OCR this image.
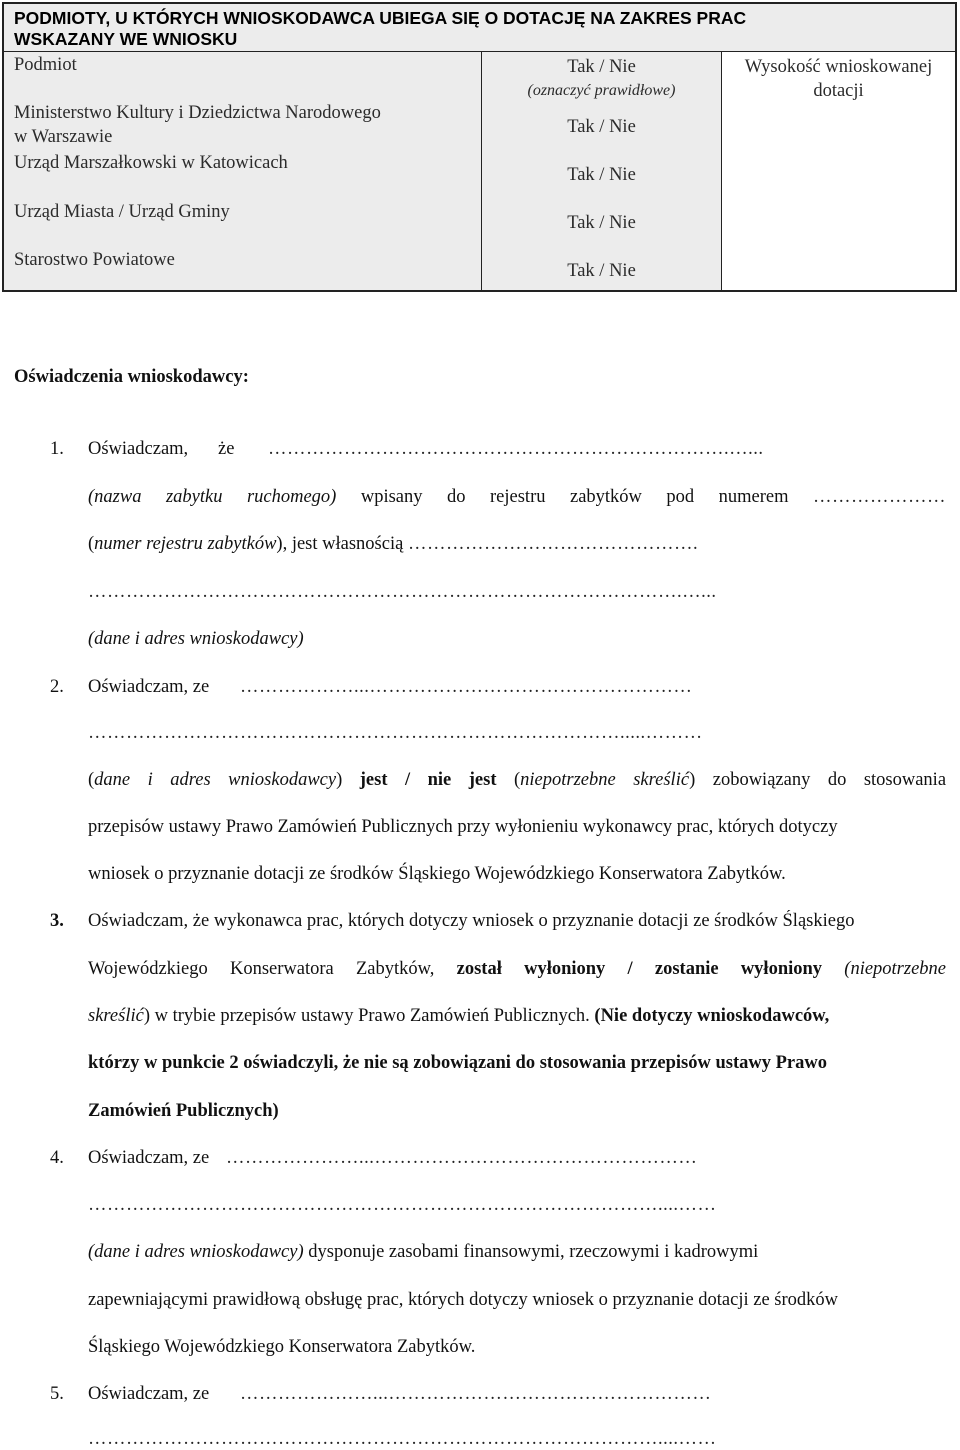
PODMIOTY, U KTÓRYCH WNIOSKODAWCA UBIEGA SIĘ O DOTACJĘ NA ZAKRES PRAC
WSKAZANY WE WNIOSKU
Podmiot
Ministerstwo Kultury i Dziedzictwa Narodowego
w Warszawie
Urząd Marszałkowski w Katowicach
Urząd Miasta / Urząd Gminy
Starostwo Powiatowe
Tak / Nie
(oznaczyć prawidłowe)
Tak / Nie
Tak / Nie
Tak / Nie
Tak / Nie
Wysokość wnioskowanej
dotacji
Oświadczenia wnioskodawcy:
1. Oświadczam, że ……………………………………………………………….…...
(nazwa zabytku ruchomego) wpisany do rejestru zabytków pod numerem …………………
(numer rejestru zabytków), jest własnością ……………………………………….
………………………………………………………………………………….…...
(dane i adres wnioskodawcy)
2. Oświadczam, ze ………………...……………………………………………
………………………………………………………………………….....………
(dane i adres wnioskodawcy) jest / nie jest (niepotrzebne skreślić) zobowiązany do stosowania
przepisów ustawy Prawo Zamówień Publicznych przy wyłonieniu wykonawcy prac, których dotyczy
wniosek o przyznanie dotacji ze środków Śląskiego Wojewódzkiego Konserwatora Zabytków.
3. Oświadczam, że wykonawca prac, których dotyczy wniosek o przyznanie dotacji ze środków Śląskiego
Wojewódzkiego Konserwatora Zabytków, został wyłoniony / zostanie wyłoniony (niepotrzebne
skreślić) w trybie przepisów ustawy Prawo Zamówień Publicznych. (Nie dotyczy wnioskodawców,
którzy w punkcie 2 oświadczyli, że nie są zobowiązani do stosowania przepisów ustawy Prawo
Zamówień Publicznych)
4. Oświadczam, ze …………………...……………………………………………
………………………………………………………………………………....……
(dane i adres wnioskodawcy) dysponuje zasobami finansowymi, rzeczowymi i kadrowymi
zapewniającymi prawidłową obsługę prac, których dotyczy wniosek o przyznanie dotacji ze środków
Śląskiego Wojewódzkiego Konserwatora Zabytków.
5. Oświadczam, ze …………………...……………………………………………
………………………………………………………………………………....……
